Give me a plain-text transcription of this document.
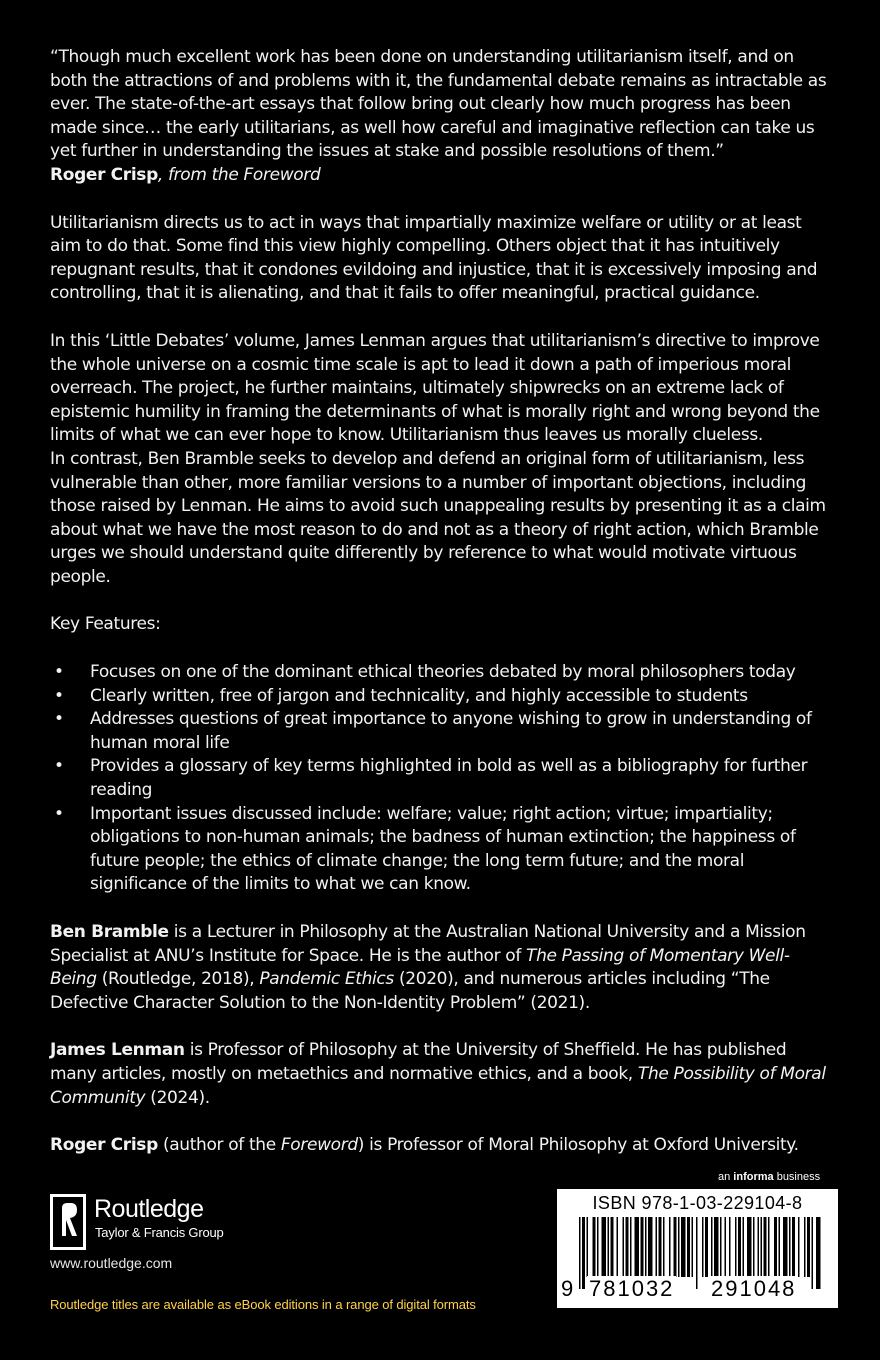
“Though much excellent work has been done on understanding utilitarianism itself, and on both the attractions of and problems with it, the fundamental debate remains as intractable as ever. The state-of-the-art essays that follow bring out clearly how much progress has been made since… the early utilitarians, as well how careful and imaginative reflection can take us yet further in understanding the issues at stake and possible resolutions of them.”
Roger Crisp, from the Foreword

Utilitarianism directs us to act in ways that impartially maximize welfare or utility or at least aim to do that. Some find this view highly compelling. Others object that it has intuitively repugnant results, that it condones evildoing and injustice, that it is excessively imposing and controlling, that it is alienating, and that it fails to offer meaningful, practical guidance.

In this ‘Little Debates’ volume, James Lenman argues that utilitarianism’s directive to improve the whole universe on a cosmic time scale is apt to lead it down a path of imperious moral overreach. The project, he further maintains, ultimately shipwrecks on an extreme lack of epistemic humility in framing the determinants of what is morally right and wrong beyond the limits of what we can ever hope to know. Utilitarianism thus leaves us morally clueless.

In contrast, Ben Bramble seeks to develop and defend an original form of utilitarianism, less vulnerable than other, more familiar versions to a number of important objections, including those raised by Lenman. He aims to avoid such unappealing results by presenting it as a claim about what we have the most reason to do and not as a theory of right action, which Bramble urges we should understand quite differently by reference to what would motivate virtuous people.

Key Features:

• Focuses on one of the dominant ethical theories debated by moral philosophers today
• Clearly written, free of jargon and technicality, and highly accessible to students
• Addresses questions of great importance to anyone wishing to grow in understanding of human moral life
• Provides a glossary of key terms highlighted in bold as well as a bibliography for further reading
• Important issues discussed include: welfare; value; right action; virtue; impartiality; obligations to non-human animals; the badness of human extinction; the happiness of future people; the ethics of climate change; the long term future; and the moral significance of the limits to what we can know.

Ben Bramble is a Lecturer in Philosophy at the Australian National University and a Mission Specialist at ANU’s Institute for Space. He is the author of The Passing of Momentary Well-Being (Routledge, 2018), Pandemic Ethics (2020), and numerous articles including “The Defective Character Solution to the Non-Identity Problem” (2021).

James Lenman is Professor of Philosophy at the University of Sheffield. He has published many articles, mostly on metaethics and normative ethics, and a book, The Possibility of Moral Community (2024).

Roger Crisp (author of the Foreword) is Professor of Moral Philosophy at Oxford University.

an informa business
Routledge
Taylor & Francis Group
www.routledge.com
Routledge titles are available as eBook editions in a range of digital formats
ISBN 978-1-03-229104-8
9 781032 291048
